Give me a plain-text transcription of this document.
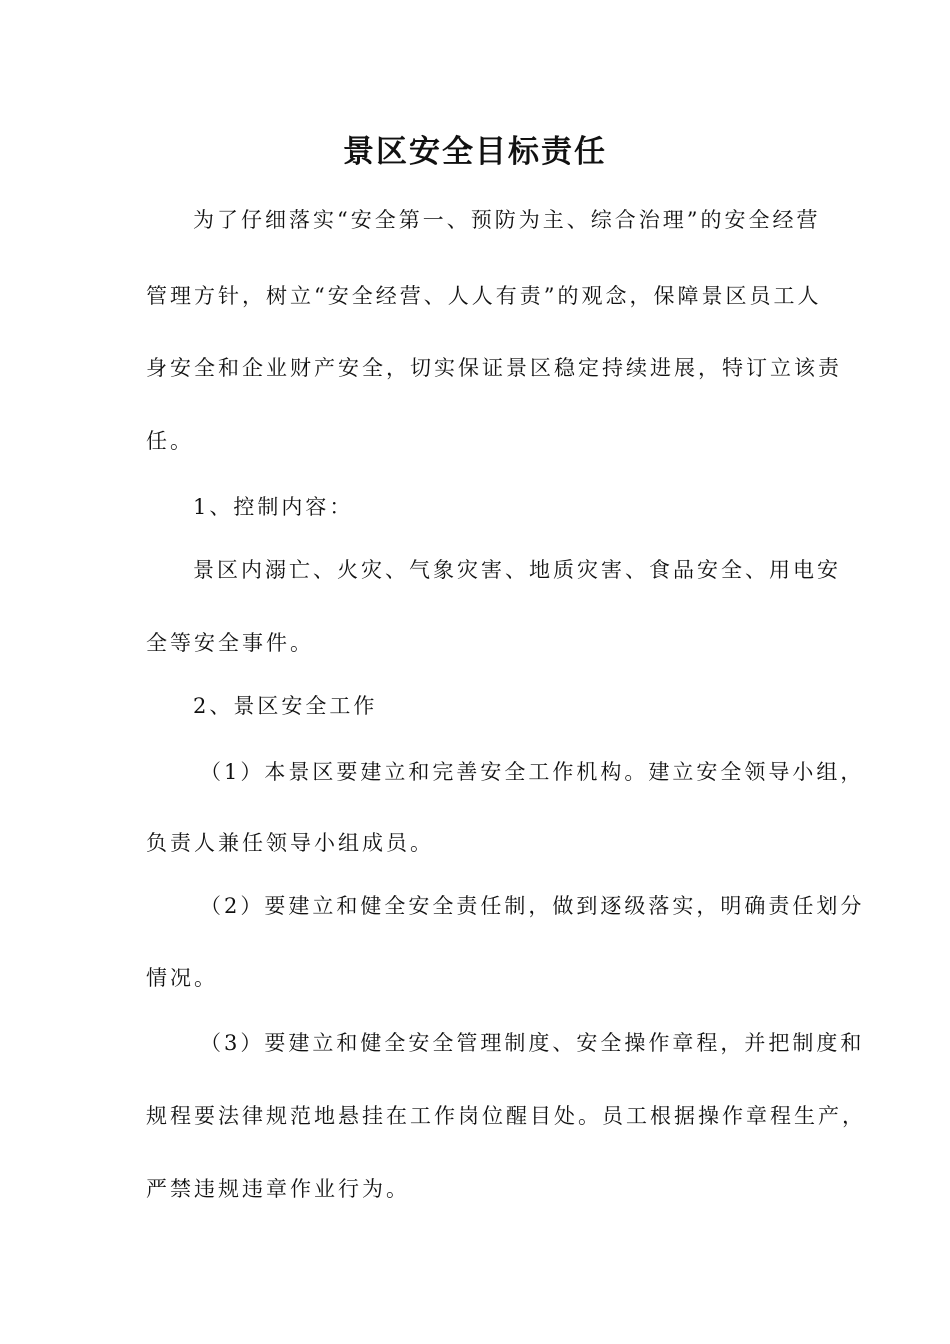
景区安全目标责任

为了仔细落实“安全第一、预防为主、综合治理”的安全经营

管理方针，树立“安全经营、人人有责”的观念，保障景区员工人

身安全和企业财产安全，切实保证景区稳定持续进展，特订立该责

任。

1、控制内容：

景区内溺亡、火灾、气象灾害、地质灾害、食品安全、用电安

全等安全事件。

2、景区安全工作

（1）本景区要建立和完善安全工作机构。建立安全领导小组，

负责人兼任领导小组成员。

（2）要建立和健全安全责任制，做到逐级落实，明确责任划分

情况。

（3）要建立和健全安全管理制度、安全操作章程，并把制度和

规程要法律规范地悬挂在工作岗位醒目处。员工根据操作章程生产，

严禁违规违章作业行为。
